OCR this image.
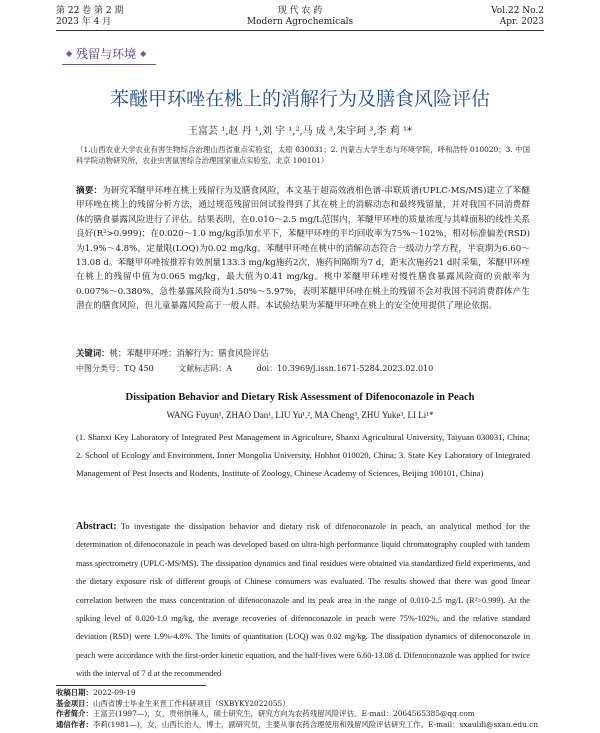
第 22 卷 第 2 期
2023 年 4 月
现 代 农 药
Modern Agrochemicals
Vol.22 No.2
Apr. 2023
◆ 残留与环境 ◆
苯醚甲环唑在桃上的消解行为及膳食风险评估
王富芸 ¹,赵 丹 ¹,刘 宇 ¹,²,马 成 ³,朱宇珂 ³,李 莉 ¹*
（1.山西农业大学农业有害生物综合治理山西省重点实验室，太原 030031；2. 内蒙古大学生态与环境学院，呼和浩特 010020；3. 中国科学院动物研究所，农业虫害鼠害综合治理国家重点实验室，北京 100101）
摘要：为研究苯醚甲环唑在桃上残留行为及膳食风险，本文基于超高效液相色谱-串联质谱(UPLC-MS/MS)建立了苯醚甲环唑在桃上的残留分析方法，通过规范残留田间试验得到了其在桃上的消解动态和最终残留量，并对我国不同消费群体的膳食暴露风险进行了评估。结果表明，在0.010～2.5 mg/L范围内，苯醚甲环唑的质量浓度与其峰面积的线性关系良好(R²>0.999)；在0.020～1.0 mg/kg添加水平下，苯醚甲环唑的平均回收率为75%～102%，相对标准偏差(RSD)为1.9%～4.8%，定量限(LOQ)为0.02 mg/kg。苯醚甲环唑在桃中的消解动态符合一级动力学方程，半衰期为6.60～13.08 d。苯醚甲环唑按推荐有效剂量133.3 mg/kg施药2次，施药间隔期为7 d，距末次施药21 d时采集，苯醚甲环唑在桃上的残留中值为0.065 mg/kg，最大值为0.41 mg/kg。桃中苯醚甲环唑对慢性膳食暴露风险商的贡献率为0.007%～0.380%，急性暴露风险商为1.50%～5.97%，表明苯醚甲环唑在桃上的残留不会对我国不同消费群体产生潜在的膳食风险，但儿童暴露风险高于一般人群。本试验结果为苯醚甲环唑在桃上的安全使用提供了理论依据。
关键词：桃；苯醚甲环唑；消解行为；膳食风险评估
中图分类号：TQ 450	文献标志码：A	doi：10.3969/j.issn.1671-5284.2023.02.010
Dissipation Behavior and Dietary Risk Assessment of Difenoconazole in Peach
WANG Fuyun¹, ZHAO Dan¹, LIU Yu¹,², MA Cheng³, ZHU Yuke³, LI Li¹*
(1. Shanxi Key Laboratory of Integrated Pest Management in Agriculture, Shanxi Agricultural University, Taiyuan 030031, China; 2. School of Ecology and Environment, Inner Mongolia University, Hohhot 010020, China; 3. State Key Laboratory of Integrated Management of Pest Insects and Rodents, Institute of Zoology, Chinese Academy of Sciences, Beijing 100101, China)
Abstract: To investigate the dissipation behavior and dietary risk of difenoconazole in peach, an analytical method for the determination of difenoconazole in peach was developed based on ultra-high performance liquid chromatography coupled with tandem mass spectrometry (UPLC-MS/MS). The dissipation dynamics and final residues were obtained via standardized field experiments, and the dietary exposure risk of different groups of Chinese consumers was evaluated. The results showed that there was good linear correlation between the mass concentration of difenoconazole and its peak area in the range of 0.010-2.5 mg/L (R²>0.999). At the spiking level of 0.020-1.0 mg/kg, the average recoveries of difenoconazole in peach were 75%-102%, and the relative standard deviation (RSD) were 1.9%-4.8%. The limits of quantitation (LOQ) was 0.02 mg/kg. The dissipation dynamics of difenoconazole in peach were accordance with the first-order kinetic equation, and the half-lives were 6.60-13.08 d. Difenoconazole was applied for twice with the interval of 7 d at the recommended
收稿日期：2022-09-19
基金项目：山西省博士毕业生来晋工作科研项目（SXBYKY2022055）
作者简介：王富芸(1997—)，女，贵州纳雍人，硕士研究生，研究方向为农药残留风险评估。E-mail：2064565385@qq.com
通信作者：李莉(1981—)，女，山西长治人，博士，副研究员，主要从事农药合理使用和残留风险评估研究工作。E-mail：sxaulili@sxau.edu.cn
